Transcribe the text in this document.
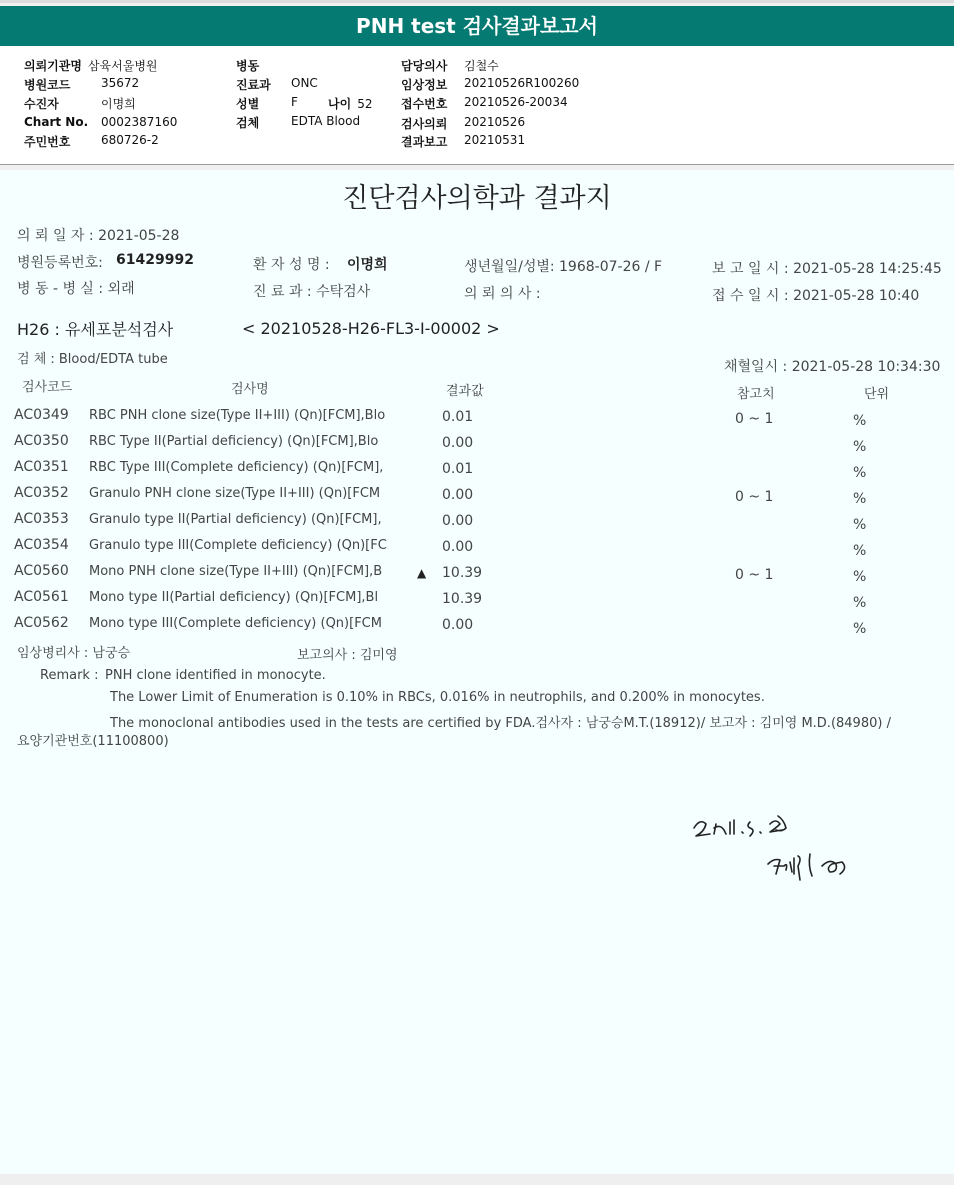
PNH test 검사결과보고서
의뢰기관명 삼육서울병원
병원코드	35672
수진자	이명희
Chart No. 0002387160
주민번호	680726-2
병동
진료과 ONC
성별	F	나이 52
검체	EDTA Blood
담당의사 김철수
임상정보 20210526R100260
접수번호 20210526-20034
검사의뢰 20210526
결과보고 20210531
진단검사의학과 결과지
의 뢰 일 자 : 2021-05-28
병원등록번호: 61429992	환 자 성 명 : 이명희	생년월일/성별: 1968-07-26 / F	보 고 일 시 : 2021-05-28 14:25:45
병 동 - 병 실 : 외래	진 료 과 : 수탁검사	의 뢰 의 사 :	접 수 일 시 : 2021-05-28 10:40
H26 : 유세포분석검사	< 20210528-H26-FL3-I-00002 >
검 체 : Blood/EDTA tube	채혈일시 : 2021-05-28 10:34:30
검사코드	검사명	결과값	참고치	단위
AC0349 RBC PNH clone size(Type II+III) (Qn)[FCM],Blo	0.01	0 ~ 1	%
AC0350 RBC Type II(Partial deficiency) (Qn)[FCM],Blo	0.00	%
AC0351 RBC Type III(Complete deficiency) (Qn)[FCM],	0.01	%
AC0352 Granulo PNH clone size(Type II+III) (Qn)[FCM	0.00	0 ~ 1	%
AC0353 Granulo type II(Partial deficiency) (Qn)[FCM],	0.00	%
AC0354 Granulo type III(Complete deficiency) (Qn)[FC	0.00	%
AC0560 Mono PNH clone size(Type II+III) (Qn)[FCM],B	▲ 10.39	0 ~ 1	%
AC0561 Mono type II(Partial deficiency) (Qn)[FCM],Bl	10.39	%
AC0562 Mono type III(Complete deficiency) (Qn)[FCM	0.00	%
임상병리사 : 남궁승	보고의사 : 김미영
Remark : PNH clone identified in monocyte.
The Lower Limit of Enumeration is 0.10% in RBCs, 0.016% in neutrophils, and 0.200% in monocytes.
The monoclonal antibodies used in the tests are certified by FDA.검사자 : 남궁승M.T.(18912)/ 보고자 : 김미영 M.D.(84980) /
요양기관번호(11100800)
